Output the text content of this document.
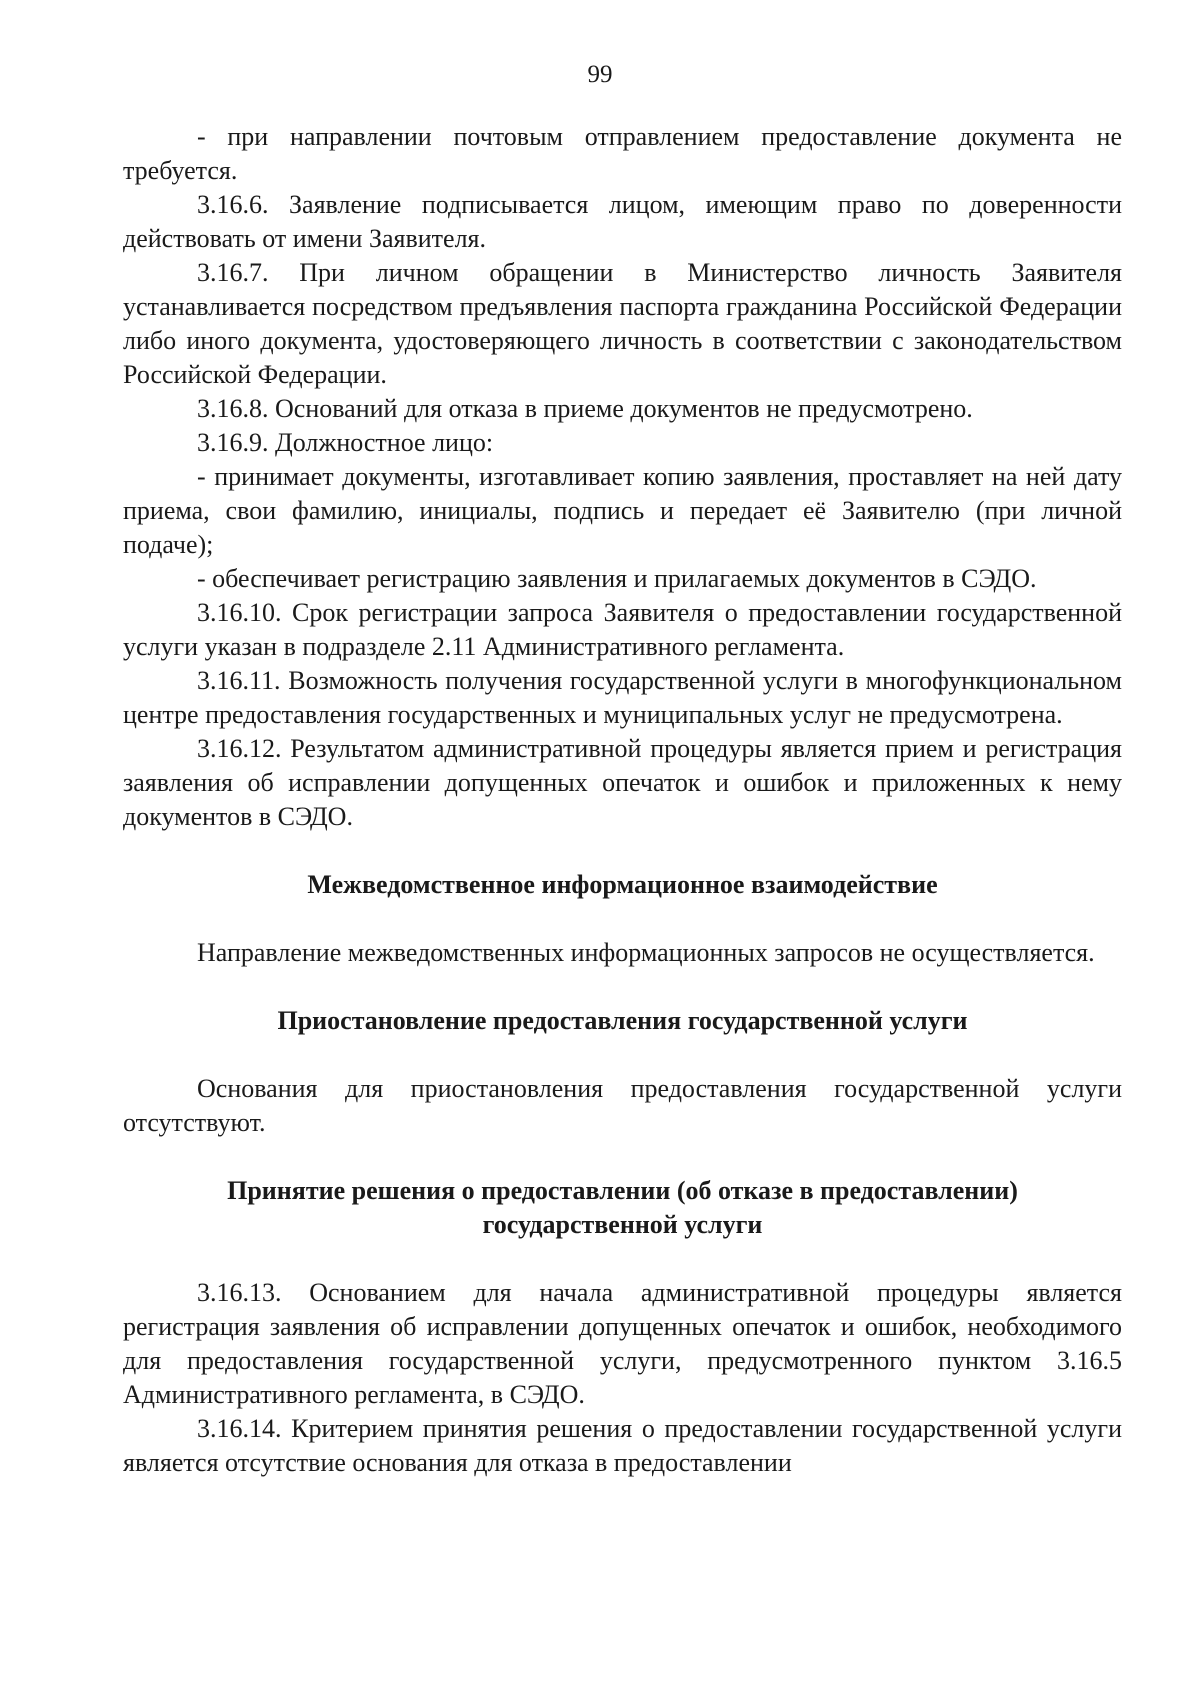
99

- при направлении почтовым отправлением предоставление документа не требуется.

3.16.6. Заявление подписывается лицом, имеющим право по доверенности действовать от имени Заявителя.

3.16.7. При личном обращении в Министерство личность Заявителя устанавливается посредством предъявления паспорта гражданина Российской Федерации либо иного документа, удостоверяющего личность в соответствии с законодательством Российской Федерации.

3.16.8. Оснований для отказа в приеме документов не предусмотрено.

3.16.9. Должностное лицо:

- принимает документы, изготавливает копию заявления, проставляет на ней дату приема, свои фамилию, инициалы, подпись и передает её Заявителю (при личной подаче);

- обеспечивает регистрацию заявления и прилагаемых документов в СЭДО.

3.16.10. Срок регистрации запроса Заявителя о предоставлении государственной услуги указан в подразделе 2.11 Административного регламента.

3.16.11. Возможность получения государственной услуги в многофункциональном центре предоставления государственных и муниципальных услуг не предусмотрена.

3.16.12. Результатом административной процедуры является прием и регистрация заявления об исправлении допущенных опечаток и ошибок и приложенных к нему документов в СЭДО.

Межведомственное информационное взаимодействие

Направление межведомственных информационных запросов не осуществляется.

Приостановление предоставления государственной услуги

Основания для приостановления предоставления государственной услуги отсутствуют.

Принятие решения о предоставлении (об отказе в предоставлении)
государственной услуги

3.16.13. Основанием для начала административной процедуры является регистрация заявления об исправлении допущенных опечаток и ошибок, необходимого для предоставления государственной услуги, предусмотренного пунктом 3.16.5 Административного регламента, в СЭДО.

3.16.14. Критерием принятия решения о предоставлении государственной услуги является отсутствие основания для отказа в предоставлении
